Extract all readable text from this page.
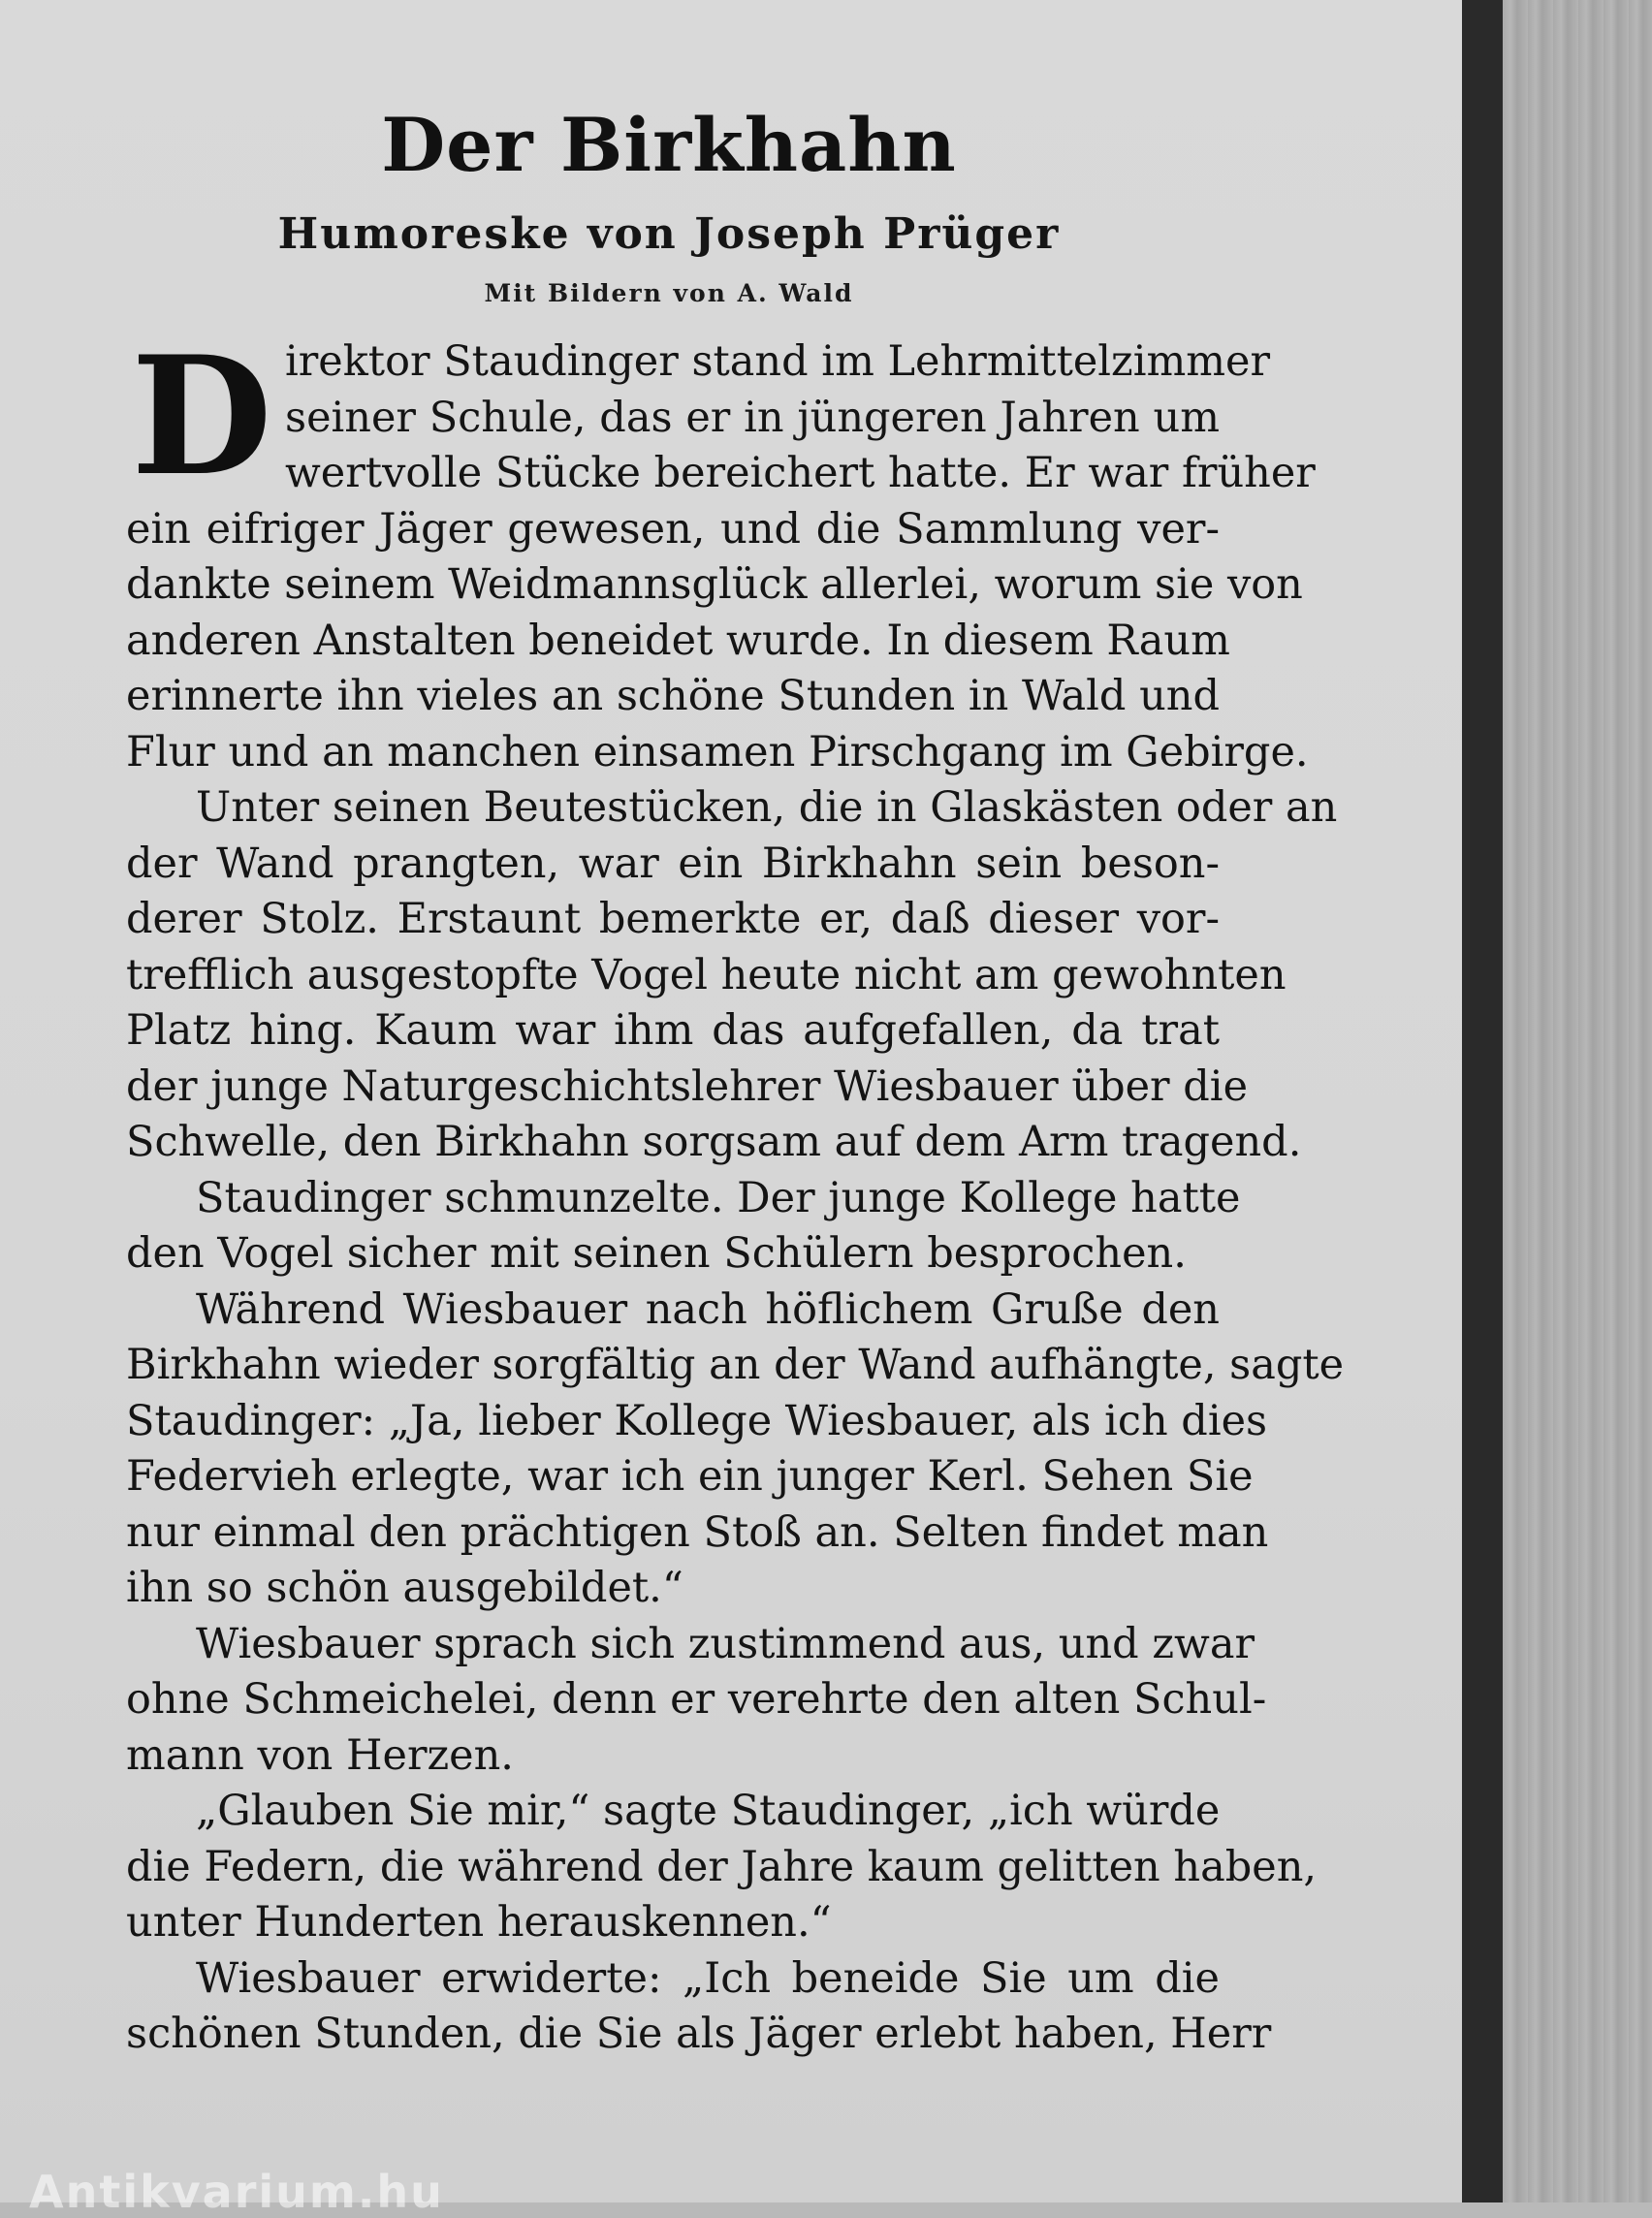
Der Birkhahn
Humoreske von Joseph Prüger
Mit Bildern von A. Wald
D irektor Staudinger stand im Lehrmittelzimmer
seiner Schule, das er in jüngeren Jahren um
wertvolle Stücke bereichert hatte. Er war früher
ein eifriger Jäger gewesen, und die Sammlung ver-
dankte seinem Weidmannsglück allerlei, worum sie von
anderen Anstalten beneidet wurde. In diesem Raum
erinnerte ihn vieles an schöne Stunden in Wald und
Flur und an manchen einsamen Pirschgang im Gebirge.
Unter seinen Beutestücken, die in Glaskästen oder an
der Wand prangten, war ein Birkhahn sein beson-
derer Stolz. Erstaunt bemerkte er, daß dieser vor-
trefflich ausgestopfte Vogel heute nicht am gewohnten
Platz hing. Kaum war ihm das aufgefallen, da trat
der junge Naturgeschichtslehrer Wiesbauer über die
Schwelle, den Birkhahn sorgsam auf dem Arm tragend.
Staudinger schmunzelte. Der junge Kollege hatte
den Vogel sicher mit seinen Schülern besprochen.
Während Wiesbauer nach höflichem Gruße den
Birkhahn wieder sorgfältig an der Wand aufhängte, sagte
Staudinger: „Ja, lieber Kollege Wiesbauer, als ich dies
Federvieh erlegte, war ich ein junger Kerl. Sehen Sie
nur einmal den prächtigen Stoß an. Selten findet man
ihn so schön ausgebildet.“
Wiesbauer sprach sich zustimmend aus, und zwar
ohne Schmeichelei, denn er verehrte den alten Schul-
mann von Herzen.
„Glauben Sie mir,“ sagte Staudinger, „ich würde
die Federn, die während der Jahre kaum gelitten haben,
unter Hunderten herauskennen.“
Wiesbauer erwiderte: „Ich beneide Sie um die
schönen Stunden, die Sie als Jäger erlebt haben, Herr
Antikvarium.hu
